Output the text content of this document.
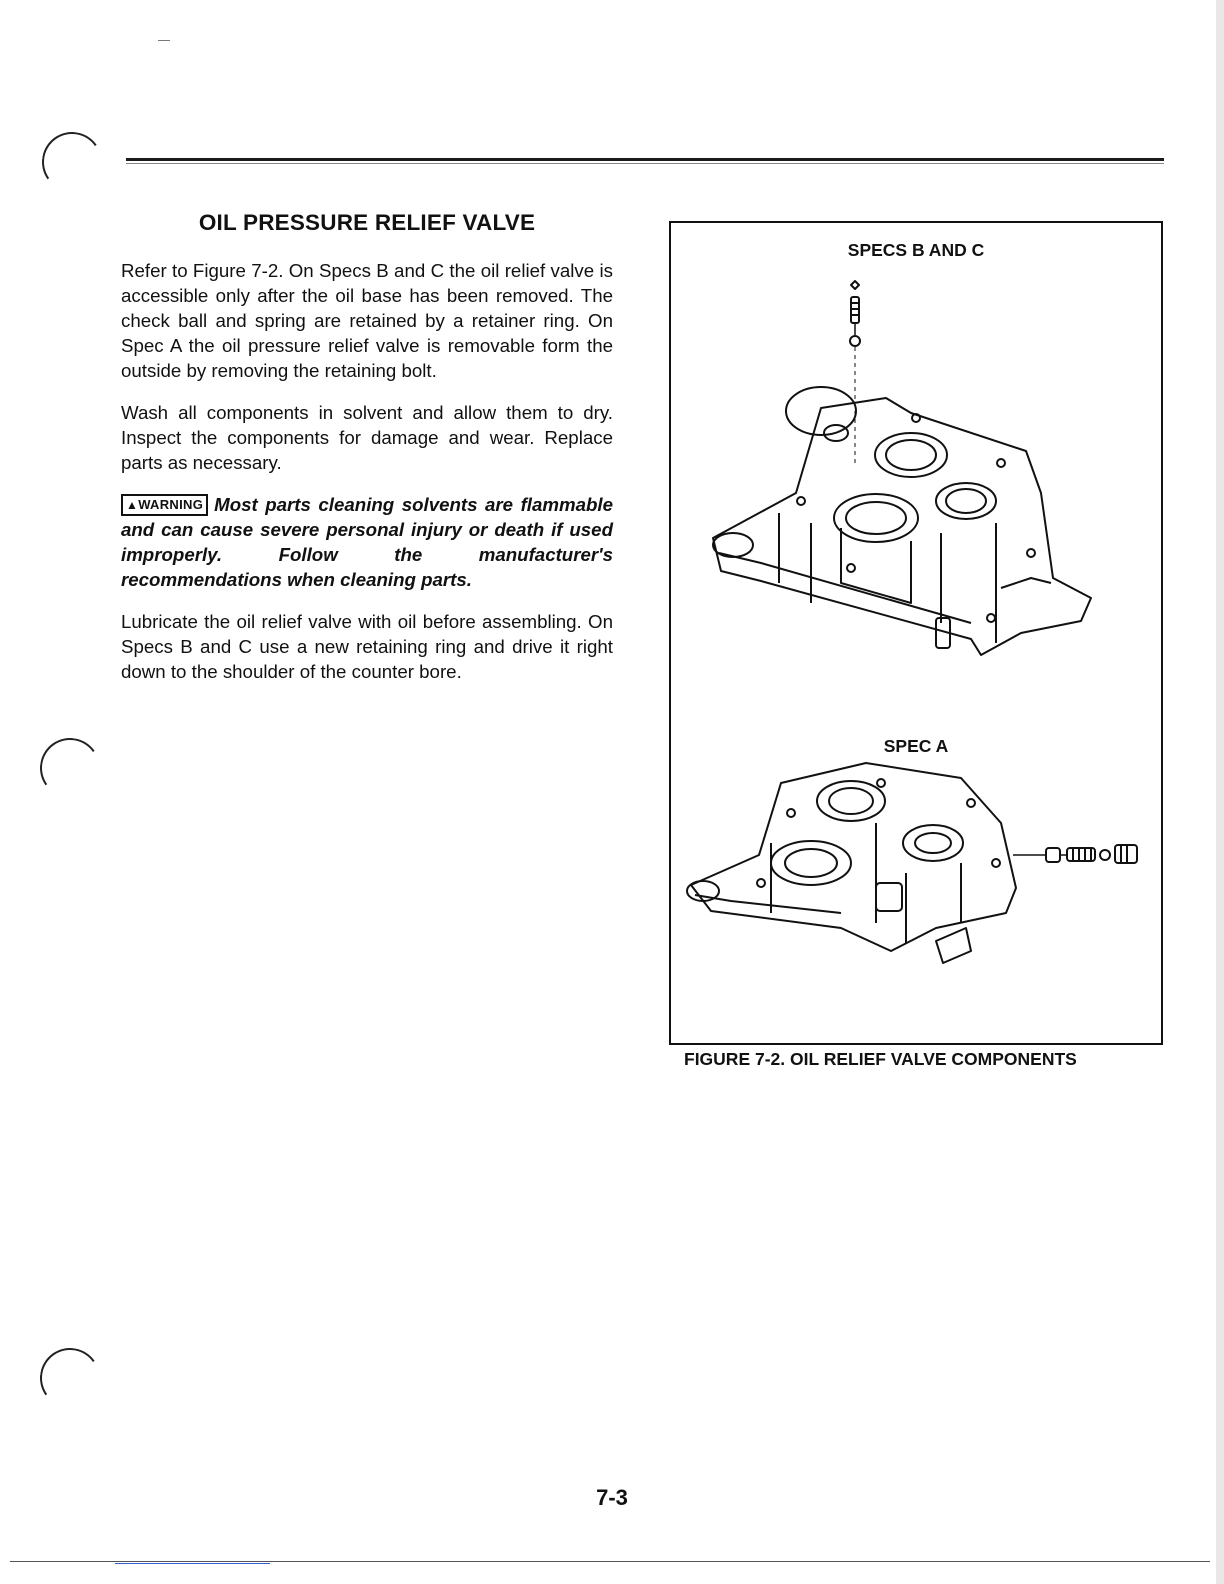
OIL PRESSURE RELIEF VALVE

Refer to Figure 7-2. On Specs B and C the oil relief valve is accessible only after the oil base has been removed. The check ball and spring are retained by a retainer ring. On Spec A the oil pressure relief valve is removable form the outside by removing the retaining bolt.

Wash all components in solvent and allow them to dry. Inspect the components for damage and wear. Replace parts as necessary.

▲WARNING Most parts cleaning solvents are flammable and can cause severe personal injury or death if used improperly. Follow the manufacturer's recommendations when cleaning parts.

Lubricate the oil relief valve with oil before assembling. On Specs B and C use a new retaining ring and drive it right down to the shoulder of the counter bore.

SPECS B AND C
SPEC A
FIGURE 7-2. OIL RELIEF VALVE COMPONENTS
7-3
